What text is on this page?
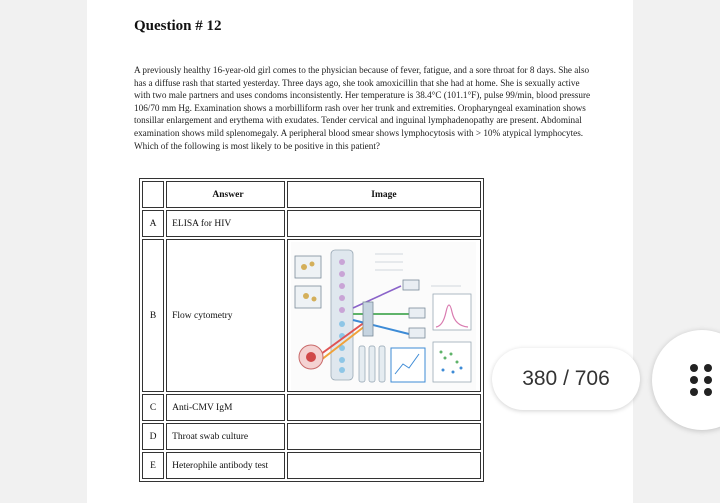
Question # 12

A previously healthy 16-year-old girl comes to the physician because of fever, fatigue, and a sore throat for 8 days. She also has a diffuse rash that started yesterday. Three days ago, she took amoxicillin that she had at home. She is sexually active with two male partners and uses condoms inconsistently. Her temperature is 38.4°C (101.1°F), pulse 99/min, blood pressure 106/70 mm Hg. Examination shows a morbilliform rash over her trunk and extremities. Oropharyngeal examination shows tonsillar enlargement and erythema with exudates. Tender cervical and inguinal lymphadenopathy are present. Abdominal examination shows mild splenomegaly. A peripheral blood smear shows lymphocytosis with > 10% atypical lymphocytes. Which of the following is most likely to be positive in this patient?

	Answer	Image
A	ELISA for HIV	
B	Flow cytometry	

C	Anti-CMV IgM	
D	Throat swab culture	
E	Heterophile antibody test	
380 / 706
